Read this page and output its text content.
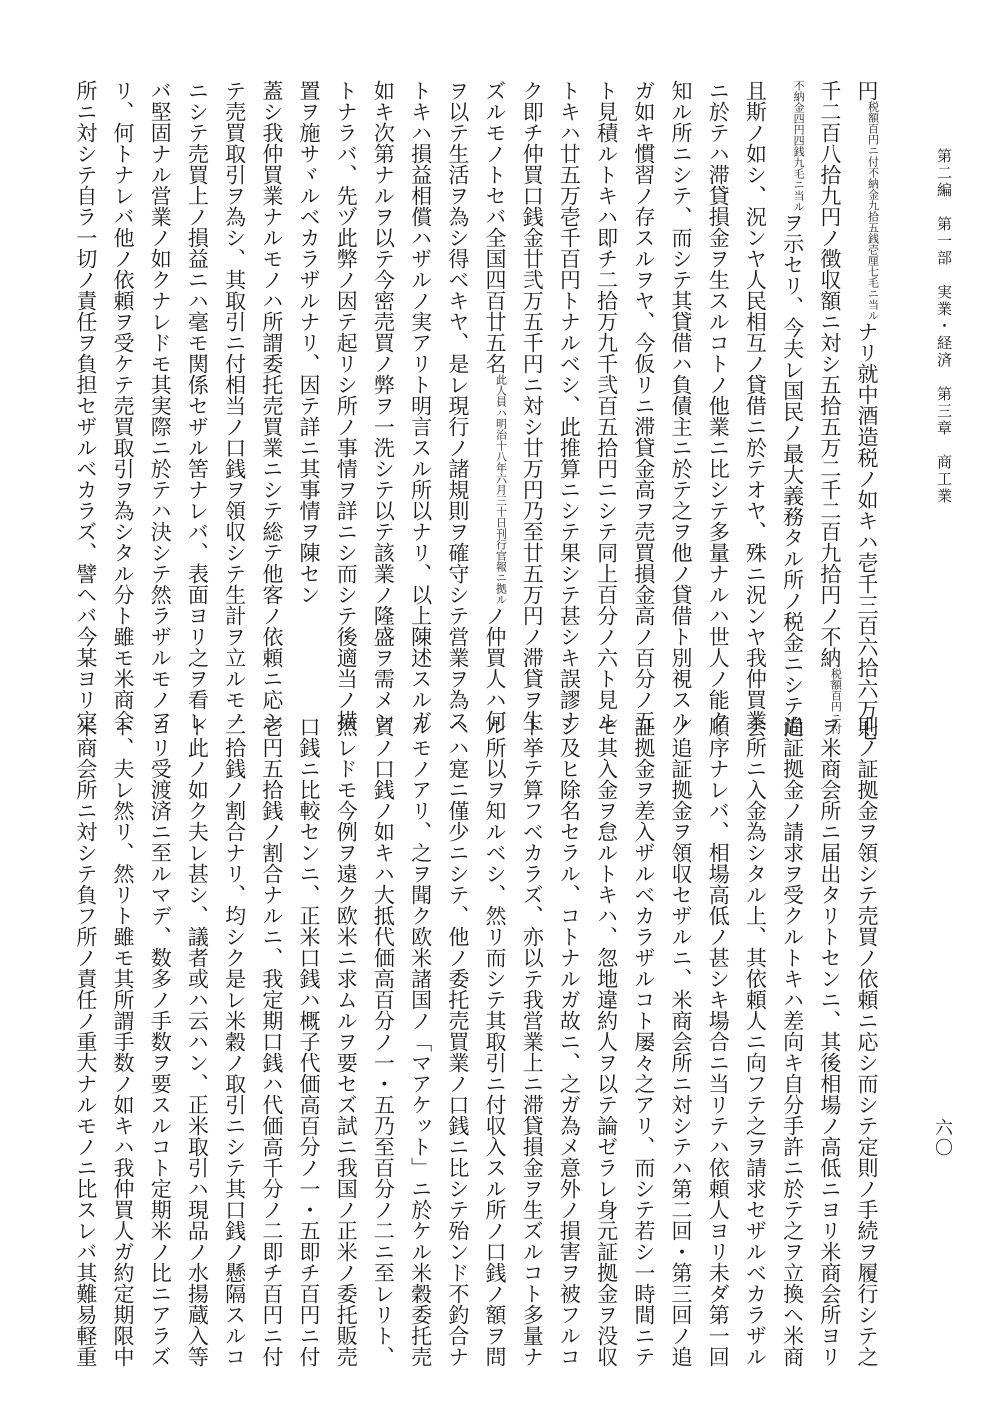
第二編　第一部　実業・経済　第三章　商工業
六〇
円税額百円ニ付不納金九拾五銭壱厘七毛ニ当ルナリ就中酒造税ノ如キハ壱千三百六拾六万七
千二百八拾九円ノ徴収額ニ対シ五拾五万二千二百九拾円ノ不納税額百円ニ付
不納金四円四銭九毛ニ当ルヲ示セリ、今夫レ国民ノ最大義務タル所ノ税金ニシテ尚
且斯ノ如シ、況ンヤ人民相互ノ貸借ニ於テオヤ、殊ニ況ンヤ我仲買業
ニ於テハ滞貸損金ヲ生スルコトノ他業ニ比シテ多量ナルハ世人ノ能ク
知ル所ニシテ、而シテ其貸借ハ負債主ニ於テ之ヲ他ノ貸借ト別視スル
ガ如キ慣習ノ存スルヲヤ、今仮リニ滞貸金高ヲ売買損金高ノ百分ノ五
ト見積ルトキハ即チ二拾万九千弐百五拾円ニシテ同上百分ノ六ト見ル
トキハ廿五万壱千百円トナルベシ、此推算ニシテ果シテ甚シキ誤謬ナ
ク即チ仲買口銭金廿弐万五千円ニ対シ廿万円乃至廿五万円ノ滞貸ヲ生
ズルモノトセバ全国四百廿五名此人員ハ明治十八年六月三十日刊行官報ニ拠ルノ仲買人ハ何
ヲ以テ生活ヲ為シ得ベキヤ、是レ現行ノ諸規則ヲ確守シテ営業ヲ為ス
トキハ損益相償ハザルノ実アリト明言スル所以ナリ、以上陳述スルガ
如キ次第ナルヲ以テ今密売買ノ弊ヲ一洗シテ以テ該業ノ隆盛ヲ需メン
トナラバ、先ヅ此弊ノ因テ起リシ所ノ事情ヲ詳ニシ而シテ後適当ノ措
置ヲ施サヾルベカラザルナリ、因テ詳ニ其事情ヲ陳セン
蓋シ我仲買業ナルモノハ所謂委托売買業ニシテ総テ他客ノ依頼ニ応シ
テ売買取引ヲ為シ、其取引ニ付相当ノ口銭ヲ領収シテ生計ヲ立ルモノ
ニシテ売買上ノ損益ニハ毫モ関係セザル筈ナレバ、表面ヨリ之ヲ看レ
バ堅固ナル営業ノ如クナレドモ其実際ニ於テハ決シテ然ラザルモノア
リ、何トナレバ他ノ依頼ヲ受ケテ売買取引ヲ為シタル分ト雖モ米商会
所ニ対シテ自ラ一切ノ責任ヲ負担セザルベカラズ、譬ヘバ今某ヨリ定
則ノ証拠金ヲ領シテ売買ノ依頼ニ応シ而シテ定則ノ手続ヲ履行シテ之
ヲ米商会所ニ届出タリトセンニ、其後相場ノ高低ニヨリ米商会所ヨリ
追証拠金ノ請求ヲ受クルトキハ差向キ自分手許ニ於テ之ヲ立換ヘ米商
会所ニ入金為シタル上、其依頼人ニ向フテ之ヲ請求セザルベカラザル
順序ナレバ、相場高低ノ甚シキ場合ニ当リテハ依頼人ヨリ未ダ第一回
ノ追証拠金ヲ領収セザルニ、米商会所ニ対シテハ第二回・第三回ノ追
証拠金ヲ差入ザルベカラザルコト屡々之アリ、而シテ若シ一時間ニテ
モ其入金ヲ怠ルトキハ、忽地違約人ヲ以テ論ゼラレ身元証拠金ヲ没収
シ及ヒ除名セラル、コトナルガ故ニ、之ガ為メ意外ノ損害ヲ被フルコ
ト挙テ算フベカラズ、亦以テ我営業上ニ滞貸損金ヲ生ズルコト多量ナ
ル所以ヲ知ルベシ、然リ而シテ其取引ニ付収入スル所ノ口銭ノ額ヲ問
ヘハ寔ニ僅少ニシテ、他ノ委托売買業ノ口銭ニ比シテ殆ンド不釣合ナ
ルモノアリ、之ヲ聞ク欧米諸国ノ「マアケット」ニ於ケル米穀委托売
買ノ口銭ノ如キハ大抵代価高百分ノ一・五乃至百分ノ二ニ至レリト、
然レドモ今例ヲ遠ク欧米ニ求ムルヲ要セズ試ニ我国ノ正米ノ委托販売
口銭ニ比較センニ、正米口銭ハ概子代価高百分ノ一・五即チ百円ニ付
壱円五拾銭ノ割合ナルニ、我定期口銭ハ代価高千分ノ二即チ百円ニ付
二拾銭ノ割合ナリ、均シク是レ米穀ノ取引ニシテ其口銭ノ懸隔スルコ
ト此ノ如ク夫レ甚シ、議者或ハ云ハン、正米取引ハ現品ノ水揚蔵入等
ヨリ受渡済ニ至ルマデ、数多ノ手数ヲ要スルコト定期米ノ比ニアラズ
ト、夫レ然リ、然リト雖モ其所謂手数ノ如キハ我仲買人ガ約定期限中
米商会所ニ対シテ負フ所ノ責任ノ重大ナルモノニ比スレバ其難易軽重
